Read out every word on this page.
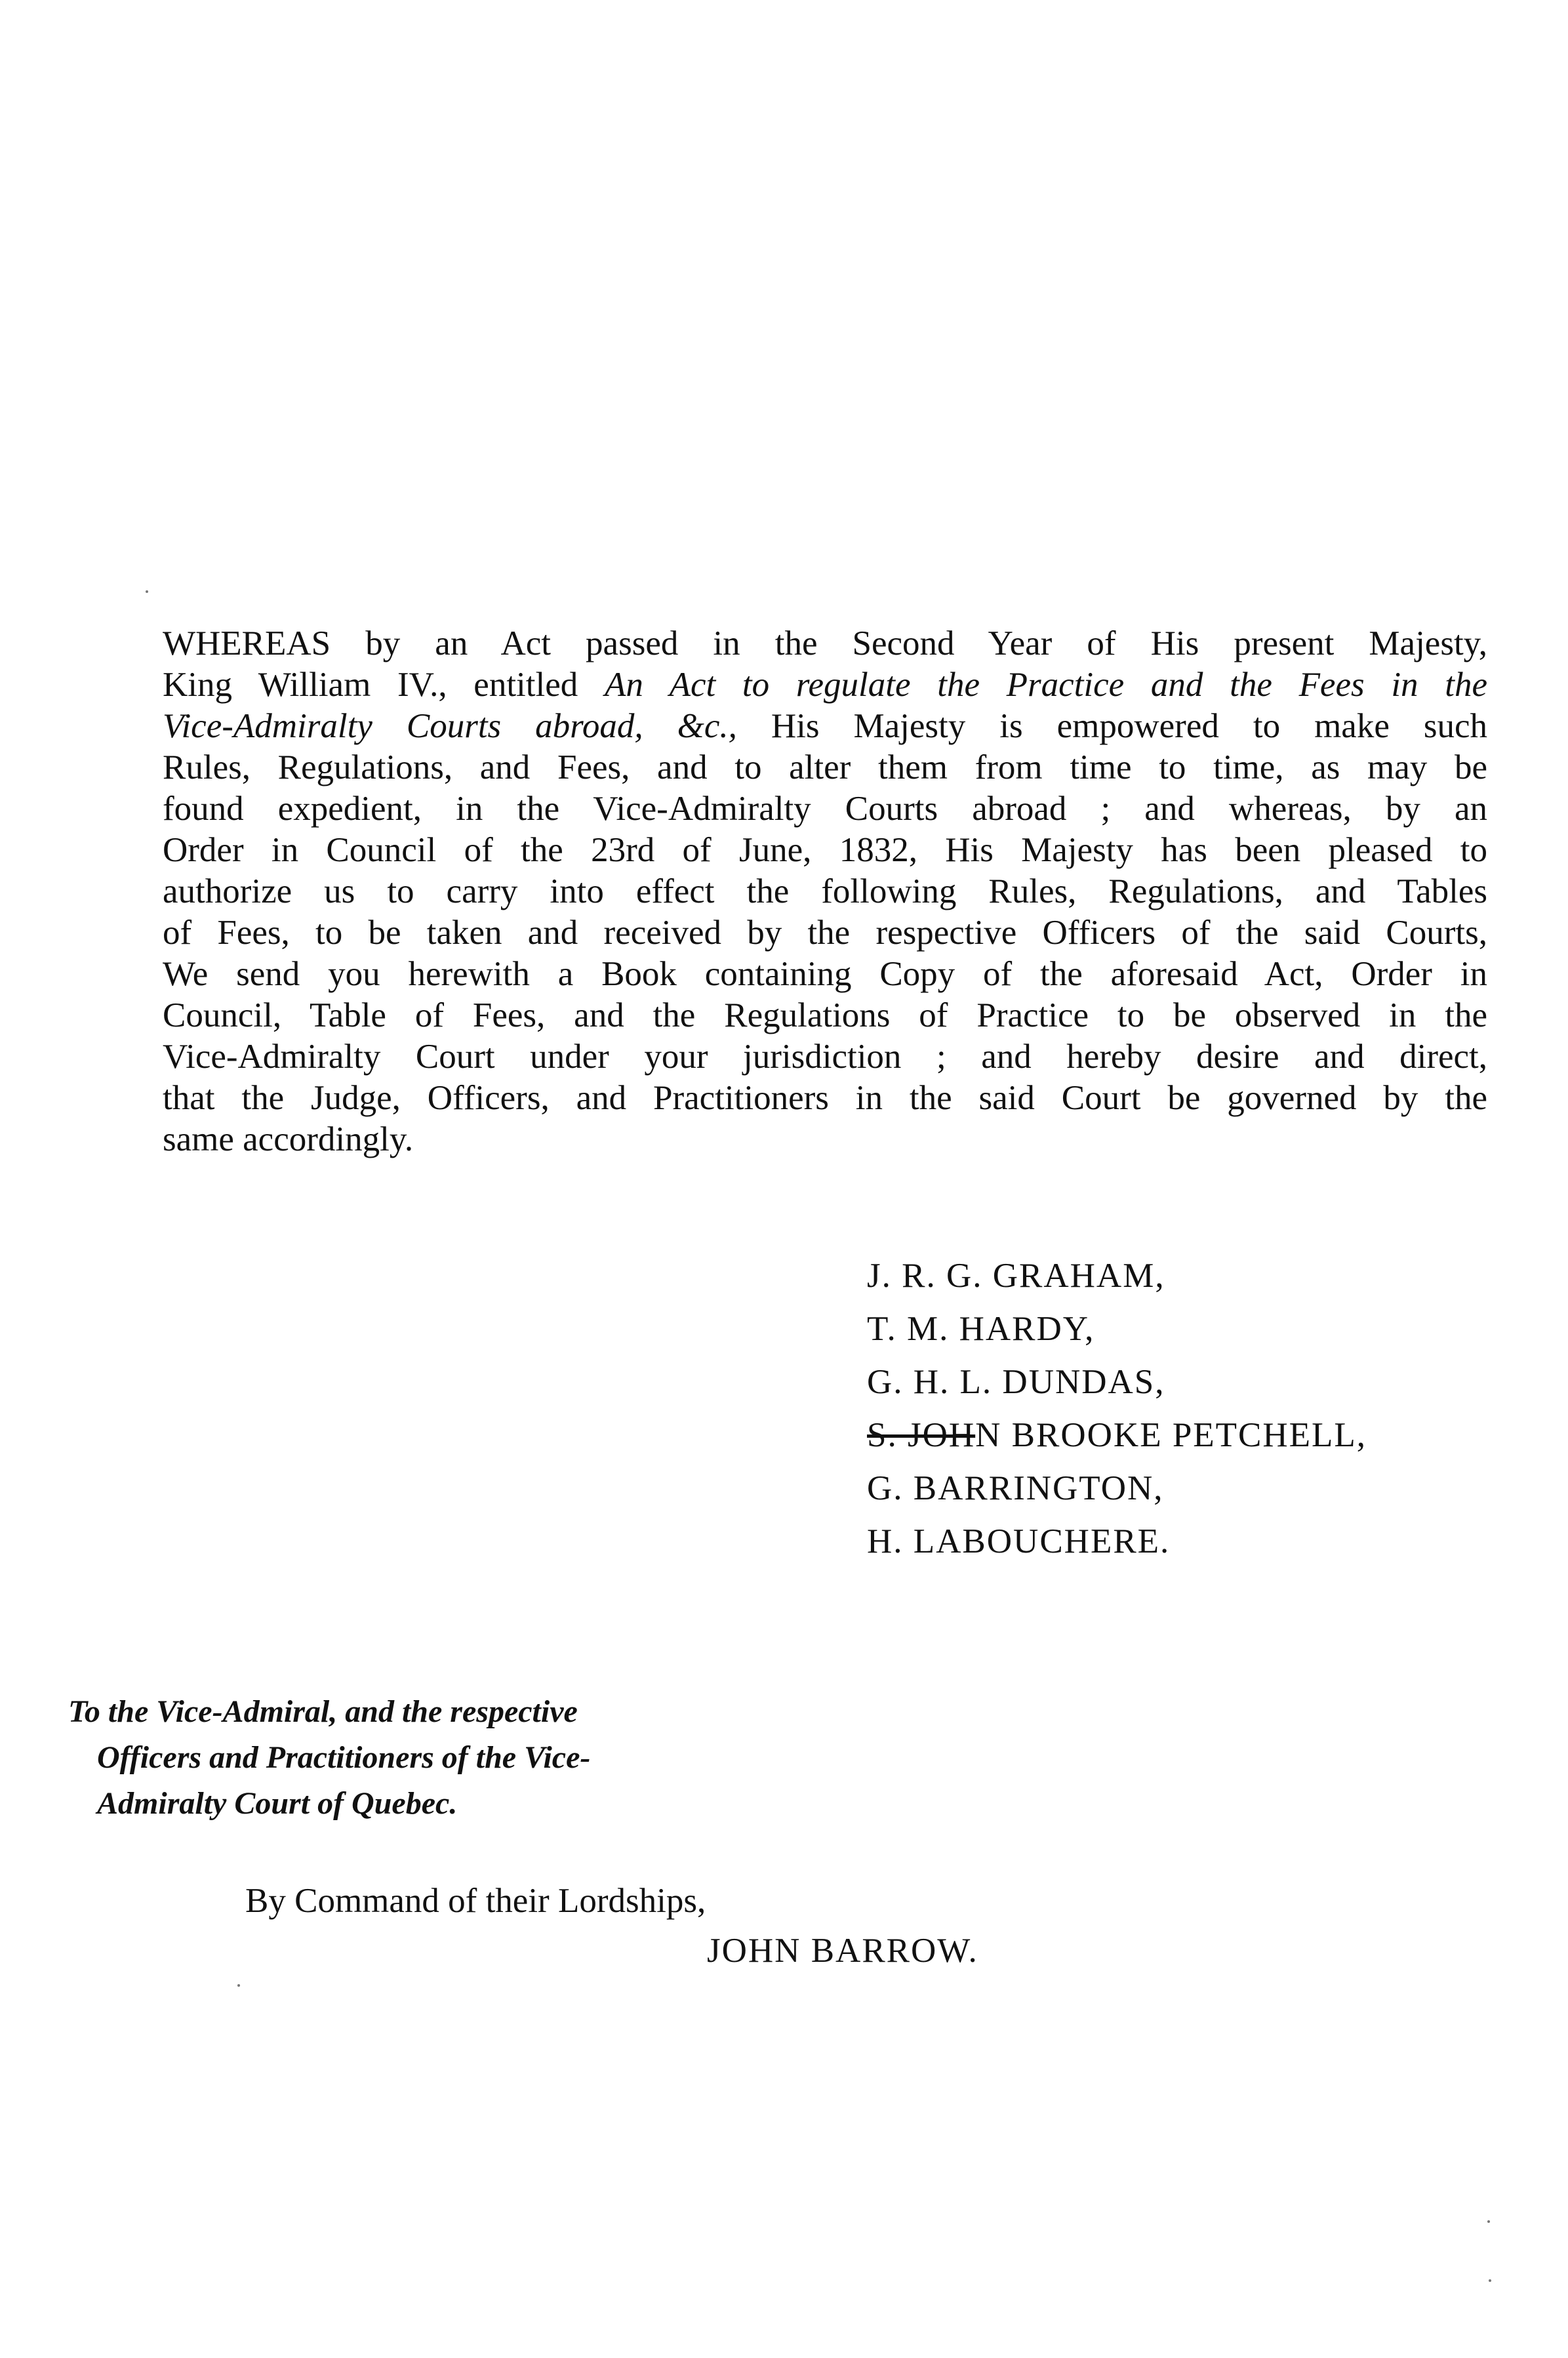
WHEREAS by an Act passed in the Second Year of His present Majesty,
King William IV., entitled An Act to regulate the Practice and the Fees in the
Vice-Admiralty Courts abroad, &c., His Majesty is empowered to make such
Rules, Regulations, and Fees, and to alter them from time to time, as may be
found expedient, in the Vice-Admiralty Courts abroad ; and whereas, by an
Order in Council of the 23rd of June, 1832, His Majesty has been pleased to
authorize us to carry into effect the following Rules, Regulations, and Tables
of Fees, to be taken and received by the respective Officers of the said Courts,
We send you herewith a Book containing Copy of the aforesaid Act, Order in
Council, Table of Fees, and the Regulations of Practice to be observed in the
Vice-Admiralty Court under your jurisdiction ; and hereby desire and direct,
that the Judge, Officers, and Practitioners in the said Court be governed by the
same accordingly.
J. R. G. GRAHAM,
T. M. HARDY,
G. H. L. DUNDAS,
S. JOHN BROOKE PETCHELL,
G. BARRINGTON,
H. LABOUCHERE.
To the Vice-Admiral, and the respective
Officers and Practitioners of the Vice-
Admiralty Court of Quebec.
By Command of their Lordships,
JOHN BARROW.
